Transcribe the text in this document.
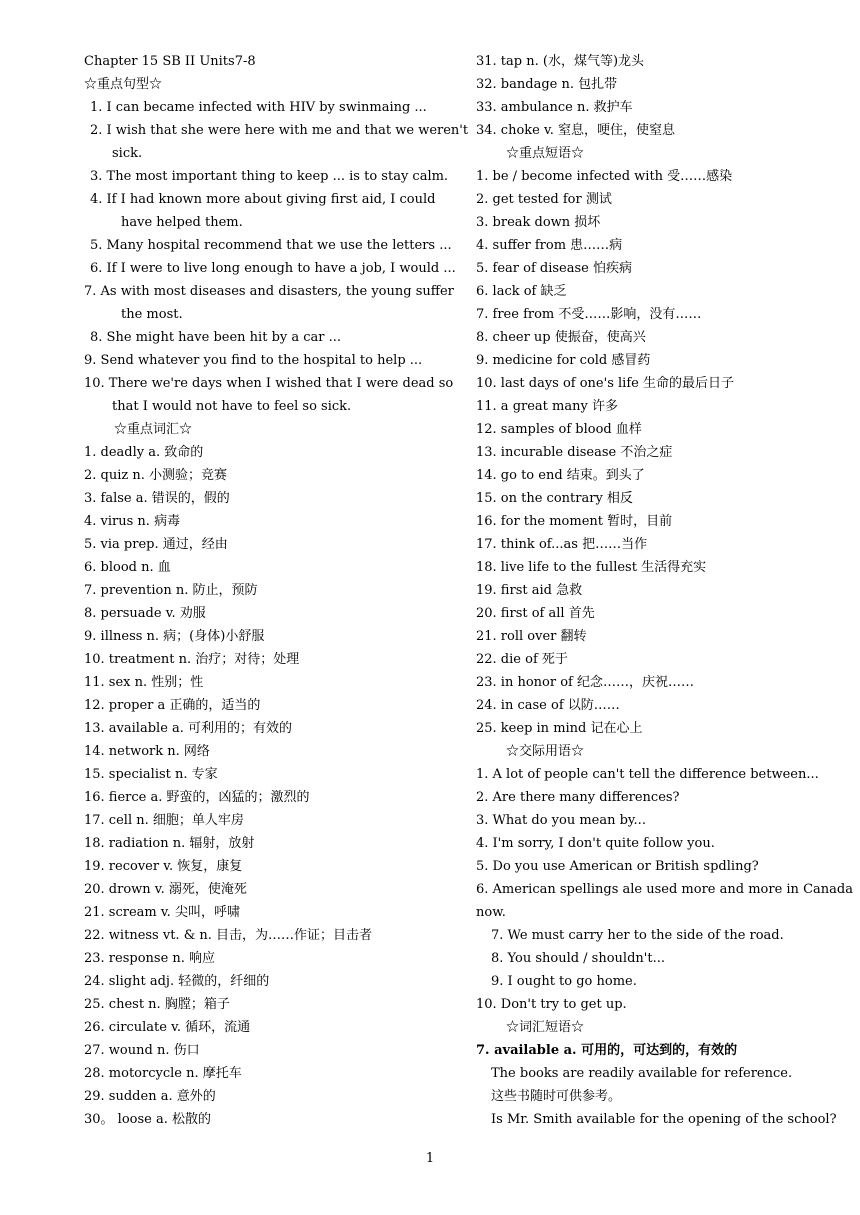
Chapter 15 SB II Units7-8
☆重点句型☆
1. I can became infected with HIV by swinmaing ...
2. I wish that she were here with me and that we weren't
sick.
3. The most important thing to keep ... is to stay calm.
4. If I had known more about giving first aid, I could
have helped them.
5. Many hospital recommend that we use the letters ...
6. If I were to live long enough to have a job, I would ...
7. As with most diseases and disasters, the young suffer
the most.
8. She might have been hit by a car ...
9. Send whatever you find to the hospital to help ...
10. There we're days when I wished that I were dead so
that I would not have to feel so sick.
☆重点词汇☆
1. deadly a. 致命的
2. quiz n. 小测验；竞赛
3. false a. 错误的，假的
4. virus n. 病毒
5. via prep. 通过，经由
6. blood n. 血
7. prevention n. 防止，预防
8. persuade v. 劝服
9. illness n. 病；(身体)小舒服
10. treatment n. 治疗；对待；处理
11. sex n. 性别；性
12. proper a 正确的，适当的
13. available a. 可利用的；有效的
14. network n. 网络
15. specialist n. 专家
16. fierce a. 野蛮的，凶猛的；激烈的
17. cell n. 细胞；单人牢房
18. radiation n. 辐射，放射
19. recover v. 恢复，康复
20. drown v. 溺死，使淹死
21. scream v. 尖叫，呼啸
22. witness vt. & n. 目击，为……作证；目击者
23. response n. 响应
24. slight adj. 轻微的，纤细的
25. chest n. 胸膛；箱子
26. circulate v. 循环，流通
27. wound n. 伤口
28. motorcycle n. 摩托车
29. sudden a. 意外的
30。 loose a. 松散的
31. tap n. (水，煤气等)龙头
32. bandage n. 包扎带
33. ambulance n. 救护车
34. choke v. 窒息，哽住，使窒息
☆重点短语☆
1. be / become infected with 受……感染
2. get tested for 测试
3. break down 损坏
4. suffer from 患……病
5. fear of disease 怕疾病
6. lack of 缺乏
7. free from 不受……影响，没有……
8. cheer up 使振奋，使高兴
9. medicine for cold 感冒药
10. last days of one's life 生命的最后日子
11. a great many 许多
12. samples of blood 血样
13. incurable disease 不治之症
14. go to end 结束。到头了
15. on the contrary 相反
16. for the moment 暂时，目前
17. think of...as 把……当作
18. live life to the fullest 生活得充实
19. first aid 急救
20. first of all 首先
21. roll over 翻转
22. die of 死于
23. in honor of 纪念……，庆祝……
24. in case of 以防……
25. keep in mind 记在心上
☆交际用语☆
1. A lot of people can't tell the difference between...
2. Are there many differences?
3. What do you mean by...
4. I'm sorry, I don't quite follow you.
5. Do you use American or British spdling?
6. American spellings ale used more and more in Canada
now.
7. We must carry her to the side of the road.
8. You should / shouldn't...
9. I ought to go home.
10. Don't try to get up.
☆词汇短语☆
7. available a. 可用的，可达到的，有效的
The books are readily available for reference.
这些书随时可供参考。
Is Mr. Smith available for the opening of the school?
1
